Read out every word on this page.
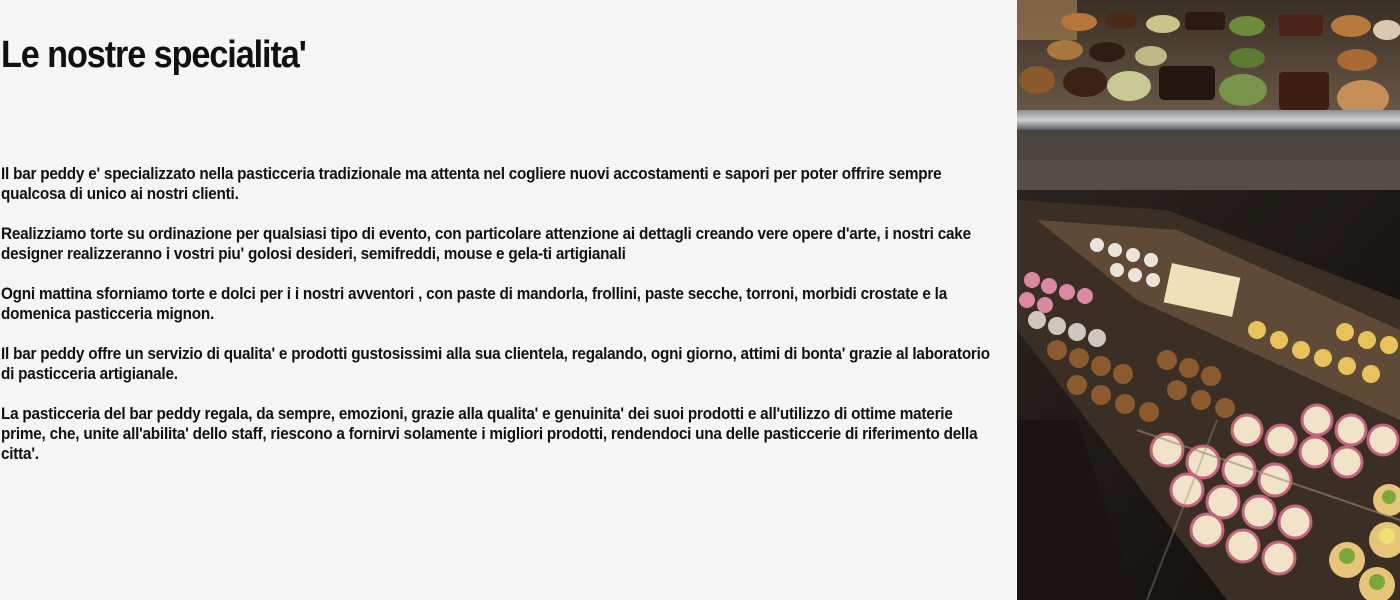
Le nostre specialita'

Il bar peddy e' specializzato nella pasticceria tradizionale ma attenta nel cogliere nuovi accostamenti e sapori per poter offrire sempre qualcosa di unico ai nostri clienti.

Realizziamo torte su ordinazione per qualsiasi tipo di evento, con particolare attenzione ai dettagli creando vere opere d'arte, i nostri cake designer realizzeranno i vostri piu' golosi desideri, semifreddi, mouse e gela-ti artigianali

Ogni mattina sforniamo torte e dolci per i i nostri avventori , con paste di mandorla, frollini, paste secche, torroni, morbidi crostate e la domenica pasticceria mignon.

Il bar peddy offre un servizio di qualita' e prodotti gustosissimi alla sua clientela, regalando, ogni giorno, attimi di bonta' grazie al laboratorio di pasticceria artigianale.

La pasticceria del bar peddy regala, da sempre, emozioni, grazie alla qualita' e genuinita' dei suoi prodotti e all'utilizzo di ottime materie prime, che, unite all'abilita' dello staff, riescono a fornirvi solamente i migliori prodotti, rendendoci una delle pasticcerie di riferimento della citta'.
